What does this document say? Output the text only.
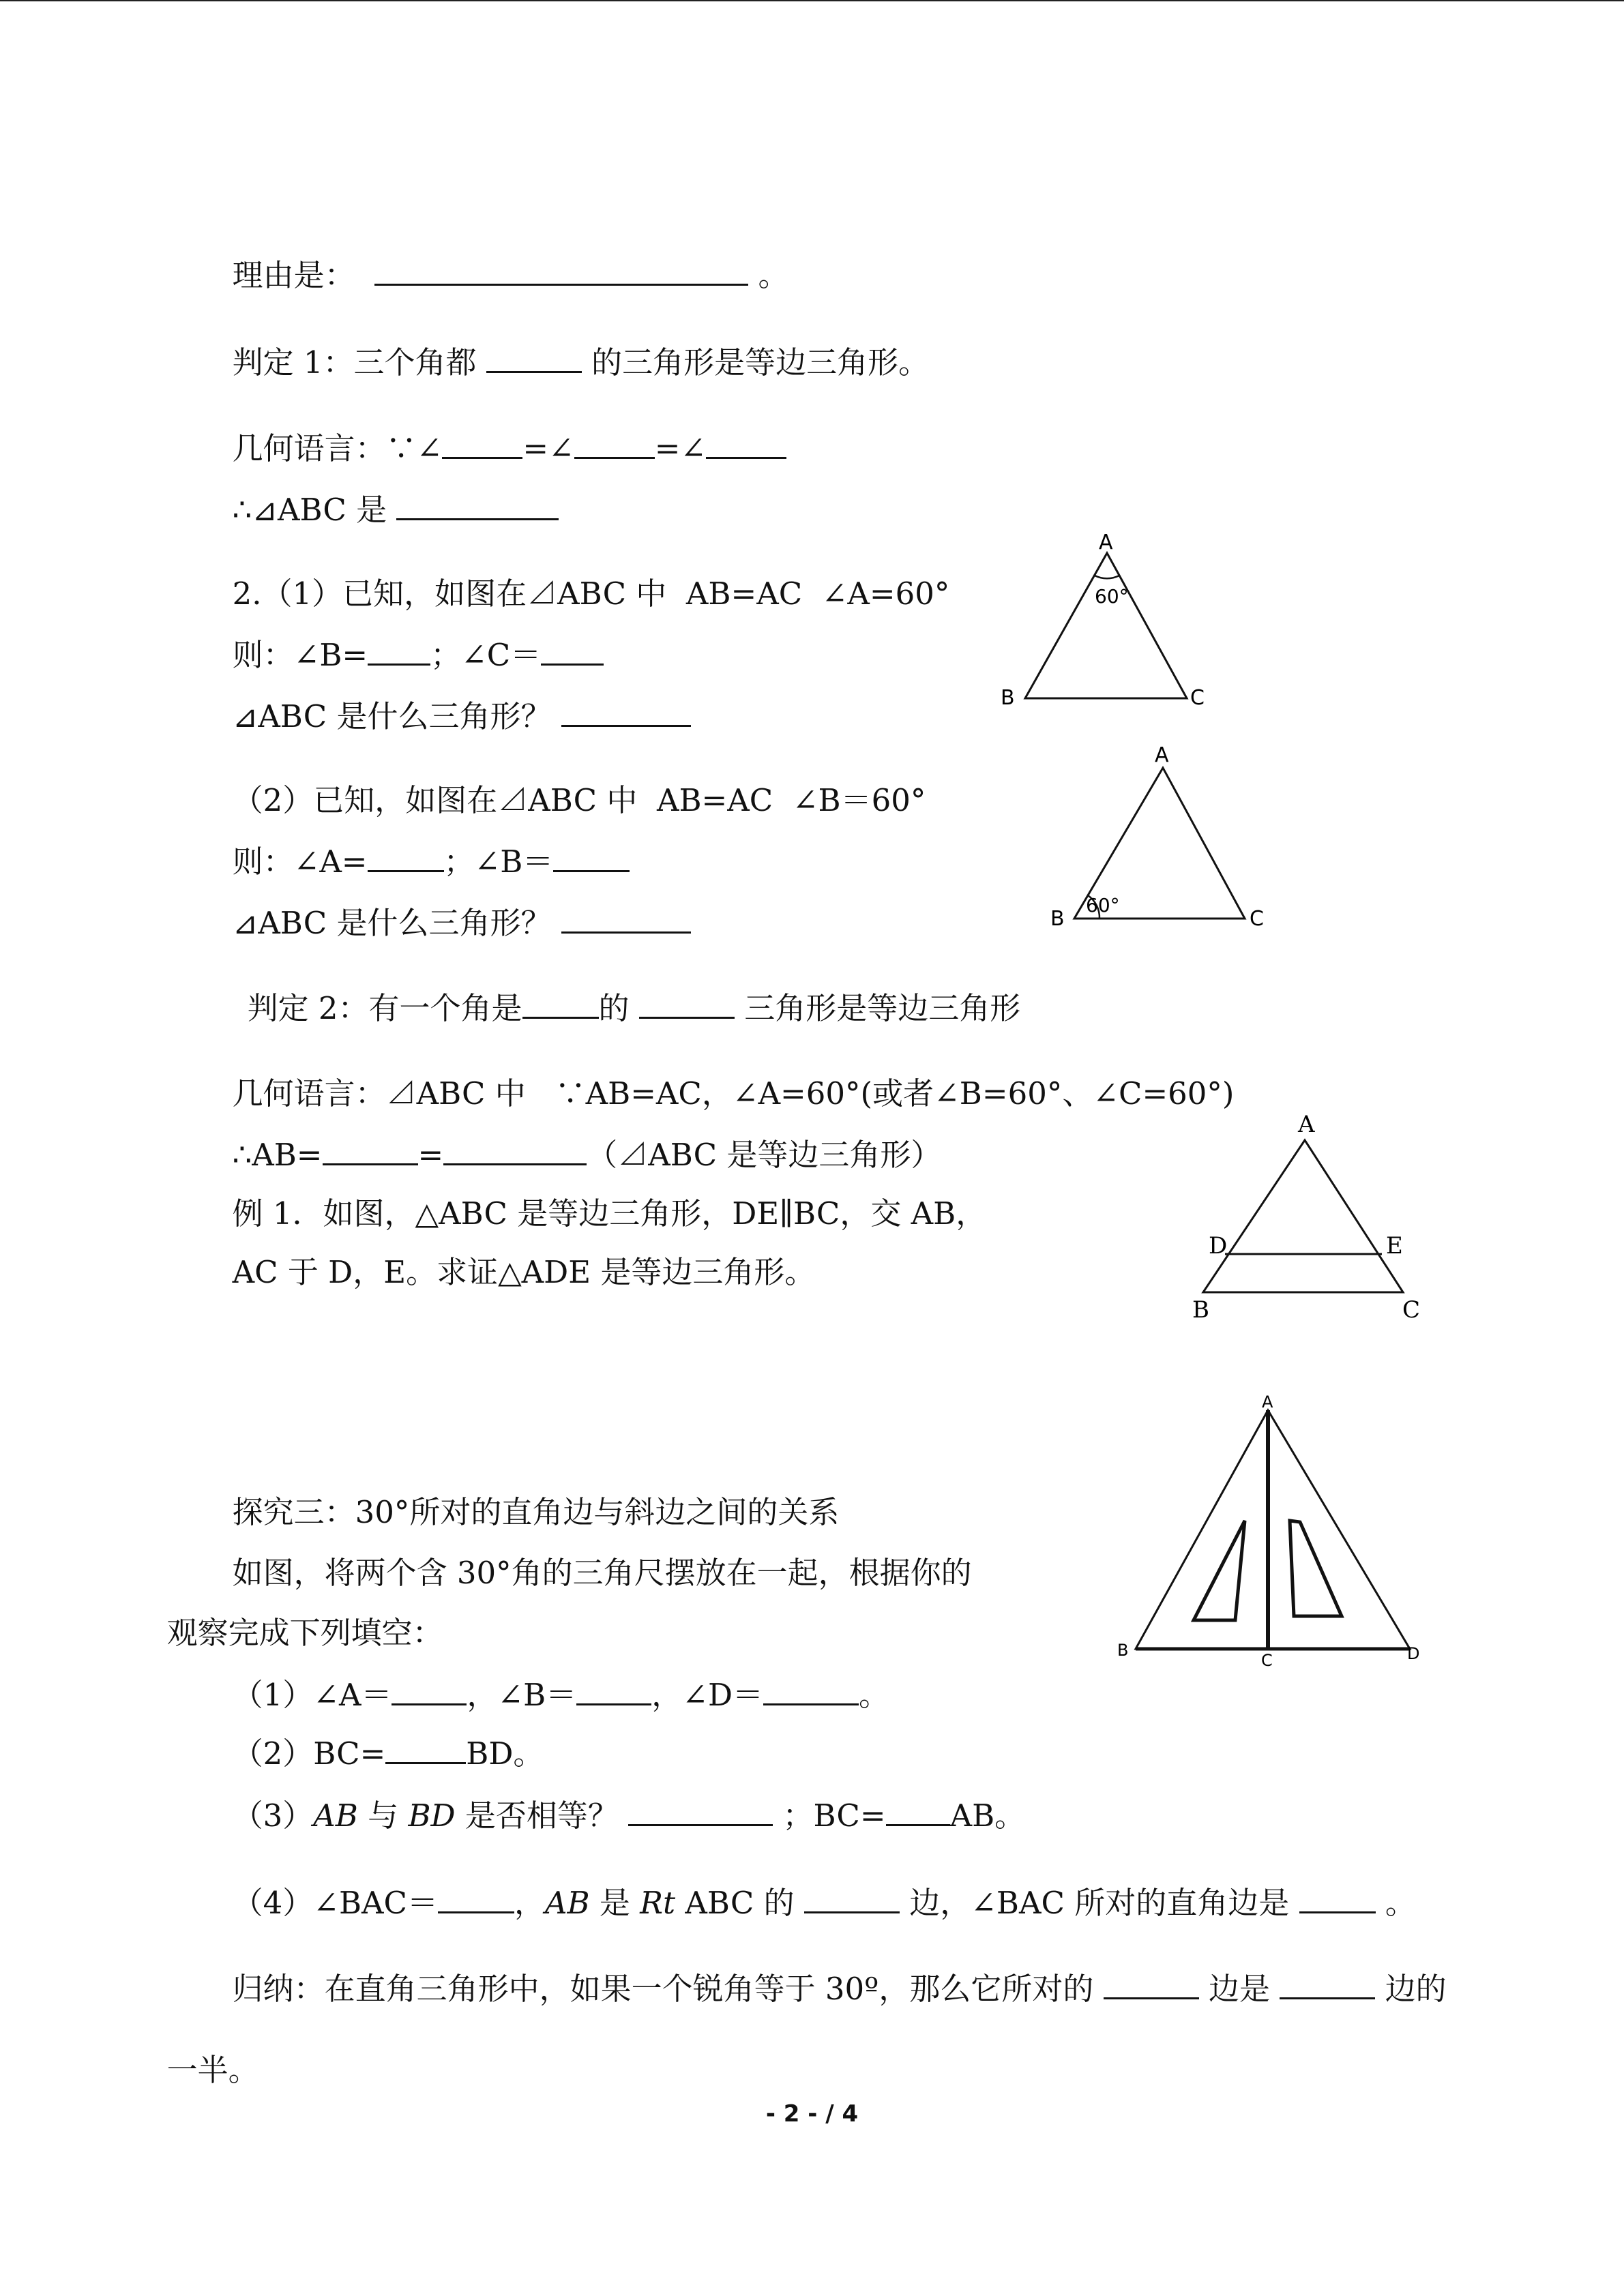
理由是：	。

判定 1：三个角都	的三角形是等边三角形。

几何语言：∵∠	=∠	=∠

∴⊿ABC 是

2.（1）已知，如图在⊿ABC 中  AB=AC  ∠A=60°

则：∠B= ；∠C＝

⊿ABC 是什么三角形？

（2）已知，如图在⊿ABC 中  AB=AC  ∠B＝60°

则：∠A= ；∠B＝

⊿ABC 是什么三角形？

判定 2：有一个角是 的	三角形是等边三角形

几何语言：⊿ABC 中   ∵AB=AC，∠A=60°(或者∠B=60°、∠C=60°)

∴AB=	=	（⊿ABC 是等边三角形）

例 1．如图，△ABC 是等边三角形，DE∥BC，交 AB，

AC 于 D，E。求证△ADE 是等边三角形。

探究三：30°所对的直角边与斜边之间的关系

如图，将两个含 30°角的三角尺摆放在一起，根据你的

观察完成下列填空：

（1）∠A＝ ，∠B＝ ，∠D＝	。

（2）BC=	BD。

（3）AB 与 BD 是否相等？	；BC= AB。

（4）∠BAC＝ ，AB 是 Rt ABC 的	边，∠BAC 所对的直角边是	。

归纳：在直角三角形中，如果一个锐角等于 30º，那么它所对的	边是	边的

一半。

A
B	C
60°
A
B	C
60°
A
B	C
D	E
A
B
C	D
- 2 - / 4
